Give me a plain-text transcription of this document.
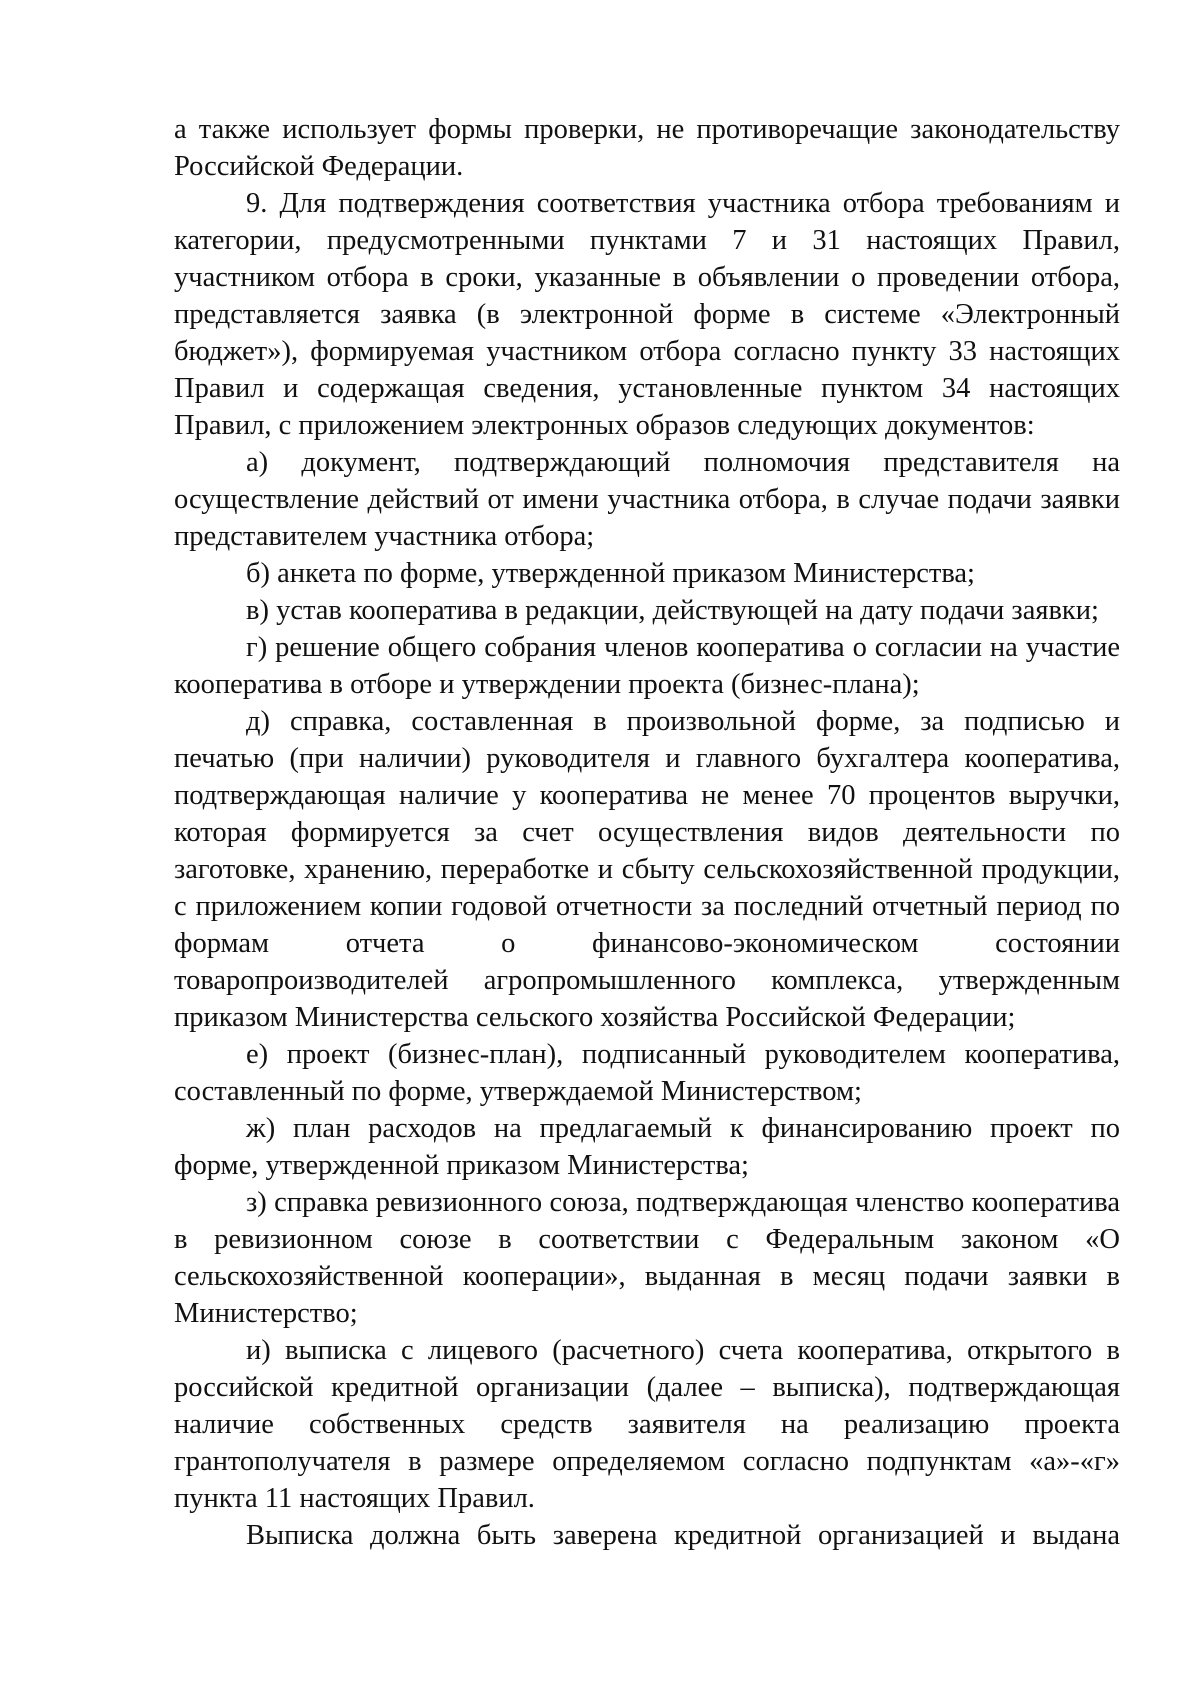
а также использует формы проверки, не противоречащие законодательству Российской Федерации.

9. Для подтверждения соответствия участника отбора требованиям и категории, предусмотренными пунктами 7 и 31 настоящих Правил, участником отбора в сроки, указанные в объявлении о проведении отбора, представляется заявка (в электронной форме в системе «Электронный бюджет»), формируемая участником отбора согласно пункту 33 настоящих Правил и содержащая сведения, установленные пунктом 34 настоящих Правил, с приложением электронных образов следующих документов:

а) документ, подтверждающий полномочия представителя на осуществление действий от имени участника отбора, в случае подачи заявки представителем участника отбора;

б) анкета по форме, утвержденной приказом Министерства;

в) устав кооператива в редакции, действующей на дату подачи заявки;

г) решение общего собрания членов кооператива о согласии на участие кооператива в отборе и утверждении проекта (бизнес-плана);

д) справка, составленная в произвольной форме, за подписью и печатью (при наличии) руководителя и главного бухгалтера кооператива, подтверждающая наличие у кооператива не менее 70 процентов выручки, которая формируется за счет осуществления видов деятельности по заготовке, хранению, переработке и сбыту сельскохозяйственной продукции, с приложением копии годовой отчетности за последний отчетный период по формам отчета о финансово-экономическом состоянии товаропроизводителей агропромышленного комплекса, утвержденным приказом Министерства сельского хозяйства Российской Федерации;

е) проект (бизнес-план), подписанный руководителем кооператива, составленный по форме, утверждаемой Министерством;

ж) план расходов на предлагаемый к финансированию проект по форме, утвержденной приказом Министерства;

з) справка ревизионного союза, подтверждающая членство кооператива в ревизионном союзе в соответствии с Федеральным законом «О сельскохозяйственной кооперации», выданная в месяц подачи заявки в Министерство;

и) выписка с лицевого (расчетного) счета кооператива, открытого в российской кредитной организации (далее – выписка), подтверждающая наличие собственных средств заявителя на реализацию проекта грантополучателя в размере определяемом согласно подпунктам «а»-«г» пункта 11 настоящих Правил.

Выписка должна быть заверена кредитной организацией и выдана
